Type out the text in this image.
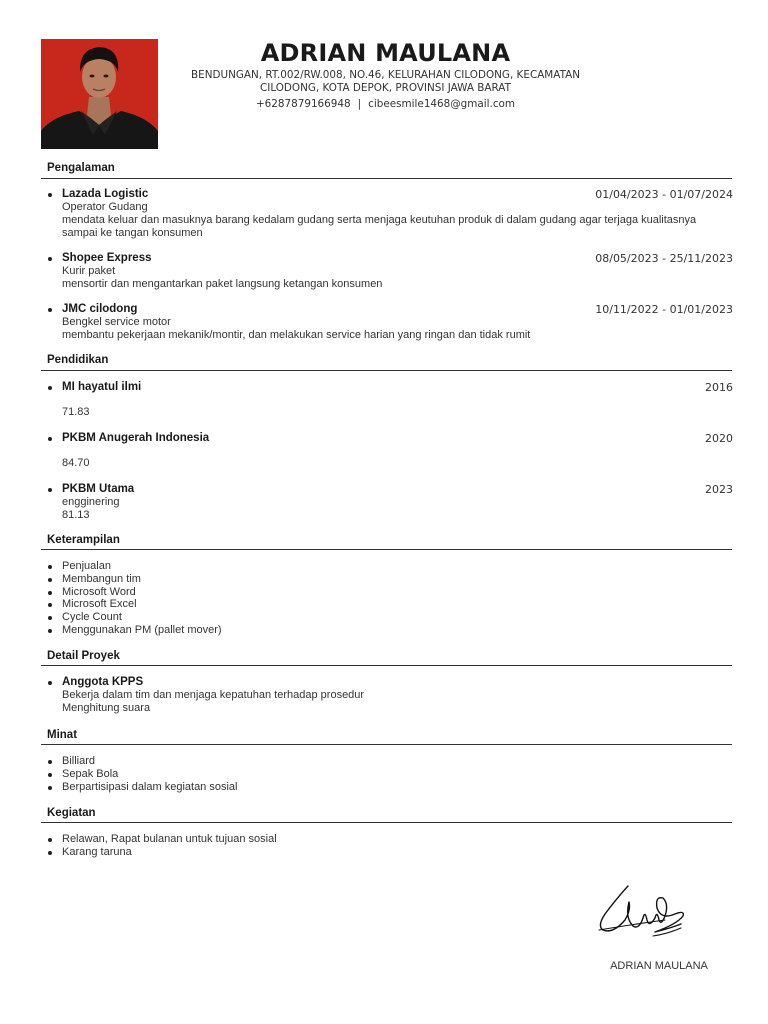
ADRIAN MAULANA
BENDUNGAN, RT.002/RW.008, NO.46, KELURAHAN CILODONG, KECAMATAN CILODONG, KOTA DEPOK, PROVINSI JAWA BARAT
+6287879166948 | cibeesmile1468@gmail.com
Pengalaman
Lazada Logistic	01/04/2023 - 01/07/2024
Operator Gudang
mendata keluar dan masuknya barang kedalam gudang serta menjaga keutuhan produk di dalam gudang agar terjaga kualitasnya sampai ke tangan konsumen
Shopee Express	08/05/2023 - 25/11/2023
Kurir paket
mensortir dan mengantarkan paket langsung ketangan konsumen
JMC cilodong	10/11/2022 - 01/01/2023
Bengkel service motor
membantu pekerjaan mekanik/montir, dan melakukan service harian yang ringan dan tidak rumit
Pendidikan
MI hayatul ilmi	2016
71.83
PKBM Anugerah Indonesia	2020
84.70
PKBM Utama	2023
engginering
81.13
Keterampilan
Penjualan
Membangun tim
Microsoft Word
Microsoft Excel
Cycle Count
Menggunakan PM (pallet mover)
Detail Proyek
Anggota KPPS
Bekerja dalam tim dan menjaga kepatuhan terhadap prosedur
Menghitung suara
Minat
Billiard
Sepak Bola
Berpartisipasi dalam kegiatan sosial
Kegiatan
Relawan, Rapat bulanan untuk tujuan sosial
Karang taruna
ADRIAN MAULANA
